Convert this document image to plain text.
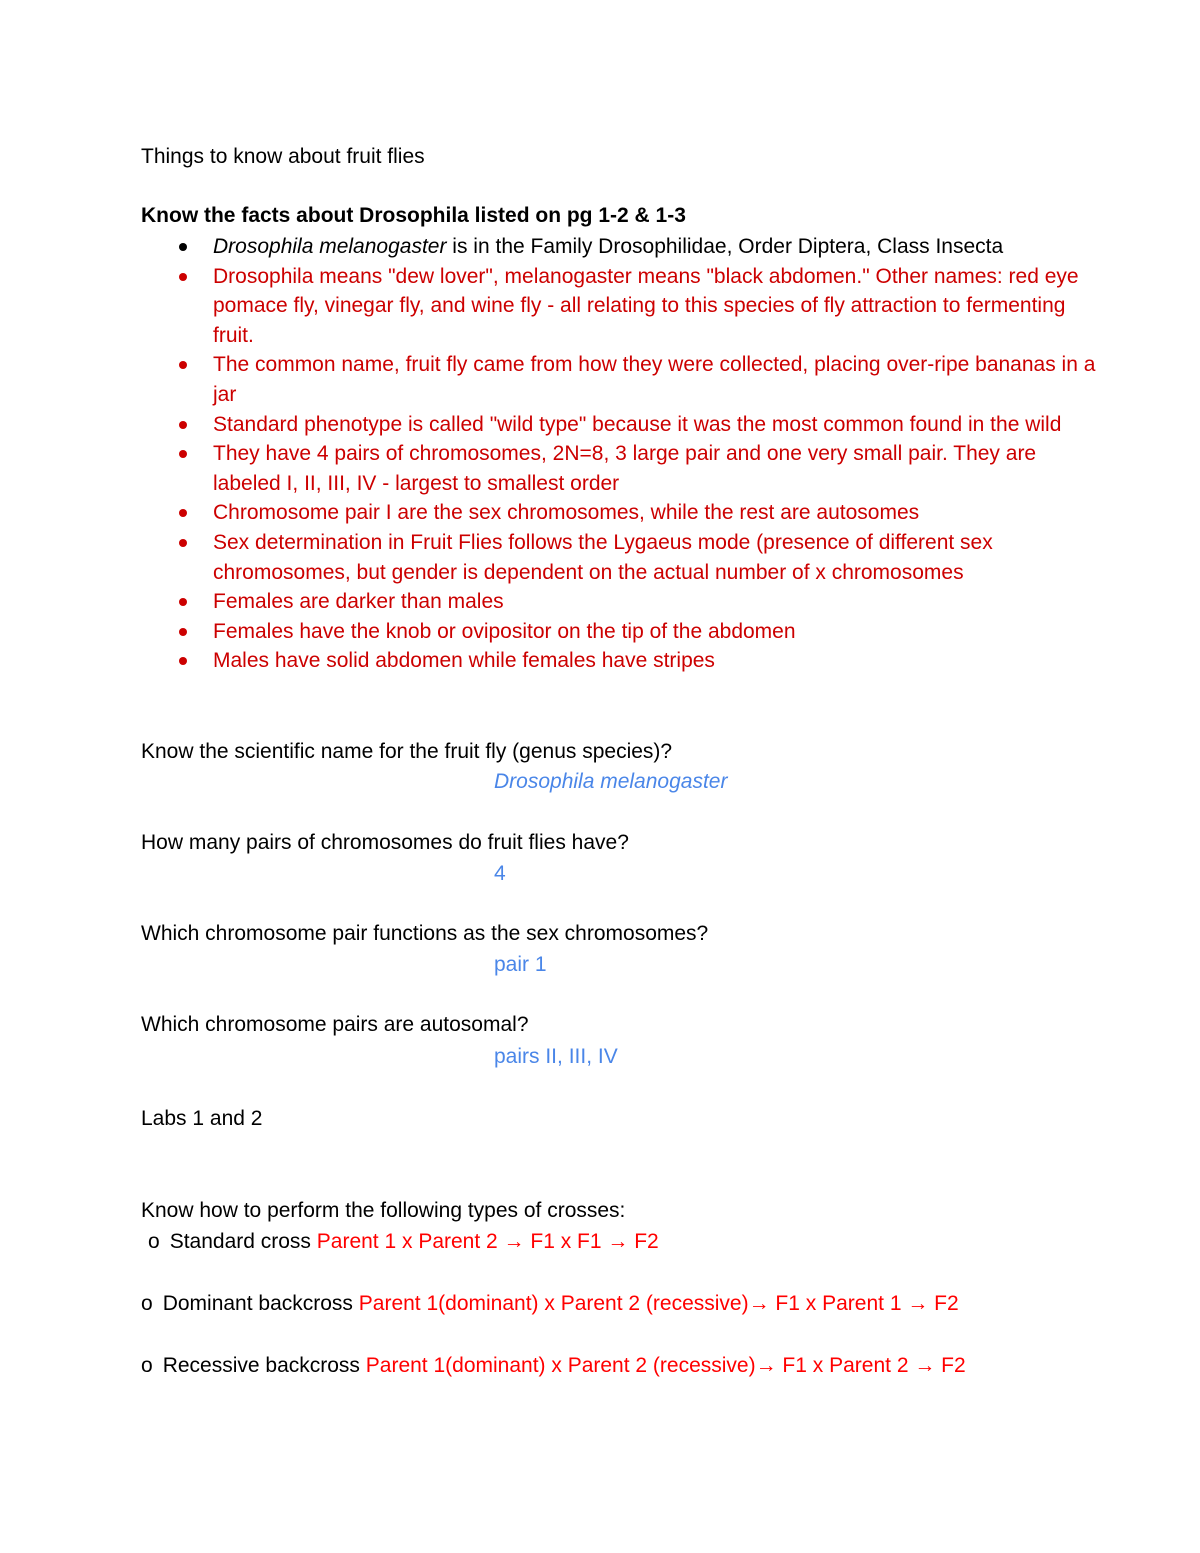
Things to know about fruit flies
Know the facts about Drosophila listed on pg 1-2 & 1-3
Drosophila melanogaster is in the Family Drosophilidae, Order Diptera, Class Insecta
Drosophila means "dew lover", melanogaster means "black abdomen." Other names: red eye pomace fly, vinegar fly, and wine fly - all relating to this species of fly attraction to fermenting fruit.
The common name, fruit fly came from how they were collected, placing over-ripe bananas in a jar
Standard phenotype is called "wild type" because it was the most common found in the wild
They have 4 pairs of chromosomes, 2N=8, 3 large pair and one very small pair. They are labeled I, II, III, IV - largest to smallest order
Chromosome pair I are the sex chromosomes, while the rest are autosomes
Sex determination in Fruit Flies follows the Lygaeus mode (presence of different sex chromosomes, but gender is dependent on the actual number of x chromosomes
Females are darker than males
Females have the knob or ovipositor on the tip of the abdomen
Males have solid abdomen while females have stripes
Know the scientific name for the fruit fly (genus species)?
Drosophila melanogaster
How many pairs of chromosomes do fruit flies have?
4
Which chromosome pair functions as the sex chromosomes?
pair 1
Which chromosome pairs are autosomal?
pairs II, III, IV
Labs 1 and 2
Know how to perform the following types of crosses:
o Standard cross Parent 1 x Parent 2 → F1 x F1 → F2
o Dominant backcross Parent 1(dominant) x Parent 2 (recessive)→ F1 x Parent 1 → F2
o Recessive backcross Parent 1(dominant) x Parent 2 (recessive)→ F1 x Parent 2 → F2
